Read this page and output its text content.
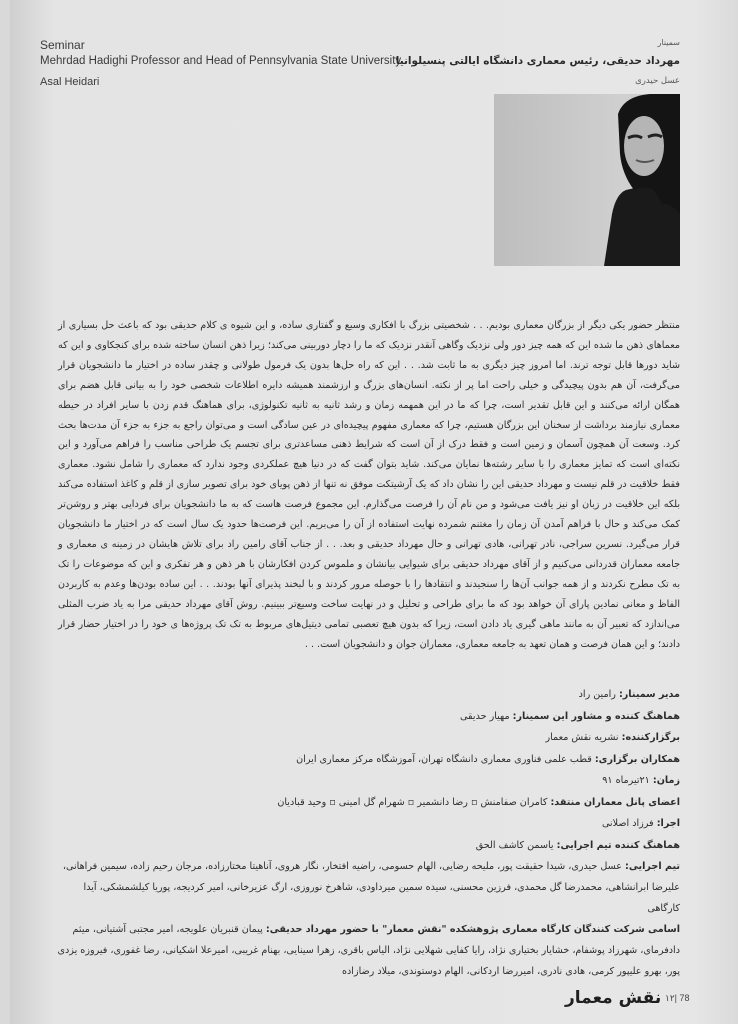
Seminar
Mehrdad Hadighi Professor and Head of Pennsylvania State University
Asal Heidari
سمینار
مهرداد حدیقی، رئیس معماری دانشگاه ایالتی پنسیلوانیا
عسل حیدری
منتظر حضور یکی دیگر از بزرگان معماری بودیم. . . شخصیتی بزرگ با افکاری وسیع و گفتاری ساده، و این شیوه ی کلام حدیقی بود که باعث حل بسیاری از معماهای ذهن ما شده این که همه چیز دور ولی نزدیک وگاهی آنقدر نزدیک که ما را دچار دوربینی می‌کند؛ زیرا ذهن انسان ساخته شده برای کنجکاوی و این که شاید دورها قابل توجه ترند. اما امروز چیز دیگری به ما ثابت شد. . . این که راه حل‌ها بدون یک فرمول طولانی و چقدر ساده در اختیار ما دانشجویان قرار می‌گرفت، آن هم بدون پیچیدگی و خیلی راحت اما پر از نکته. انسان‌های بزرگ و ارزشمند همیشه دایره اطلاعات شخصی خود را به بیانی قابل هضم برای همگان ارائه می‌کنند و این قابل تقدیر است، چرا که ما در این همهمه زمان و رشد ثانیه به ثانیه تکنولوژی، برای هماهنگ قدم زدن با سایر افراد در حیطه معماری نیازمند برداشت از سخنان این بزرگان هستیم، چرا که معماری مفهوم پیچیده‌ای در عین سادگی است و می‌توان راجع به جزء به جزء آن مدت‌ها بحث کرد. وسعت آن همچون آسمان و زمین است و فقط درک از آن است که شرایط ذهنی مساعدتری برای تجسم یک طراحی مناسب را فراهم می‌آورد و این نکته‌ای است که تمایز معماری را با سایر رشته‌ها نمایان می‌کند. شاید بتوان گفت که در دنیا هیچ عملکردی وجود ندارد که معماری را شامل نشود. معماری فقط خلاقیت در قلم نیست و مهرداد حدیقی این را نشان داد که یک آرشیتکت موفق نه تنها از ذهن پویای خود برای تصویر سازی از قلم و کاغذ استفاده می‌کند بلکه این خلاقیت در زبان او نیز یافت می‌شود و من نام آن را فرصت می‌گذارم. این مجموع فرصت هاست که به ما دانشجویان برای فردایی بهتر و روشن‌تر کمک می‌کند و حال با فراهم آمدن آن زمان را مغتنم شمرده نهایت استفاده از آن را می‌بریم. این فرصت‌ها حدود یک سال است که در اختیار ما دانشجویان قرار می‌گیرد. نسرین سراجی، نادر تهرانی، هادی تهرانی و حال مهرداد حدیقی و بعد. . . از جناب آقای رامین راد برای تلاش هایشان در زمینه ی معماری و جامعه معماران قدردانی می‌کنیم و از آقای مهرداد حدیقی برای شیوایی بیانشان و ملموس کردن افکارشان با هر ذهن و هر تفکری و این که موضوعات را تک به تک مطرح نکردند و از همه جوانب آن‌ها را سنجیدند و انتقادها را با حوصله مرور کردند و با لبخند پذیرای آنها بودند. . . این ساده بودن‌ها وعدم به کاربردن الفاظ و معانی نمادین پارای آن خواهد بود که ما برای طراحی و تحلیل و در نهایت ساخت وسیع‌تر ببینیم. روش آقای مهرداد حدیقی مرا به یاد ضرب المثلی می‌اندازد که تعبیر آن به مانند ماهی گیری یاد دادن است، زیرا که بدون هیچ تعصبی تمامی دیتیل‌های مربوط به تک تک پروژه‌ها ی خود را در اختیار حضار قرار دادند؛ و این همان فرصت و همان تعهد به جامعه معماری، معماران جوان و دانشجویان است. . .
مدیر سمینار: رامین راد
هماهنگ کننده و مشاور این سمینار: مهیار حدیقی
برگزارکننده: نشریه نقش معمار
همکاران برگزاری: قطب علمی فناوری معماری دانشگاه تهران، آموزشگاه مرکز معماری ایران
زمان: ۲۱تیرماه ۹۱
اعضای پانل معماران منتقد: کامران صفامنش ▫ رضا دانشمیر ▫ شهرام گل امینی ▫ وحید قبادیان
اجرا: فرزاد اصلانی
هماهنگ کننده تیم اجرایی: یاسمن کاشف الحق
تیم اجرایی: عسل حیدری، شیدا حقیقت پور، ملیحه رضایی، الهام حسومی، راضیه افتخار، نگار هروی، آناهیتا مختارزاده، مرجان رحیم زاده، سیمین فراهانی، علیرضا ابرانشاهی، محمدرضا گل محمدی، فرزین محسنی، سیده سمین میرداودی، شاهرخ نوروزی، ارگ عزیرخانی، امیر کردیجه، پوریا کیلشمشکی، آیدا کارگاهی
اسامی شرکت کنندگان کارگاه معماری پژوهشکده "نقش معمار" با حضور مهرداد حدیقی: پیمان قنبریان علویجه، امیر مجتبی آشتیانی، میثم دادفرمای، شهرزاد پوشفام، خشایار بختیاری نژاد، رایا کفایی شهلایی نژاد، الیاس باقری، زهرا سینایی، بهنام غریبی، امیرعلا اشکیانی، رضا غفوری، فیروزه یزدی پور، بهرو علیپور کرمی، هادی نادری، امیررضا اردکانی، الهام دوستوندی، میلاد رضازاده
نقش معمار ۱۲| 78
